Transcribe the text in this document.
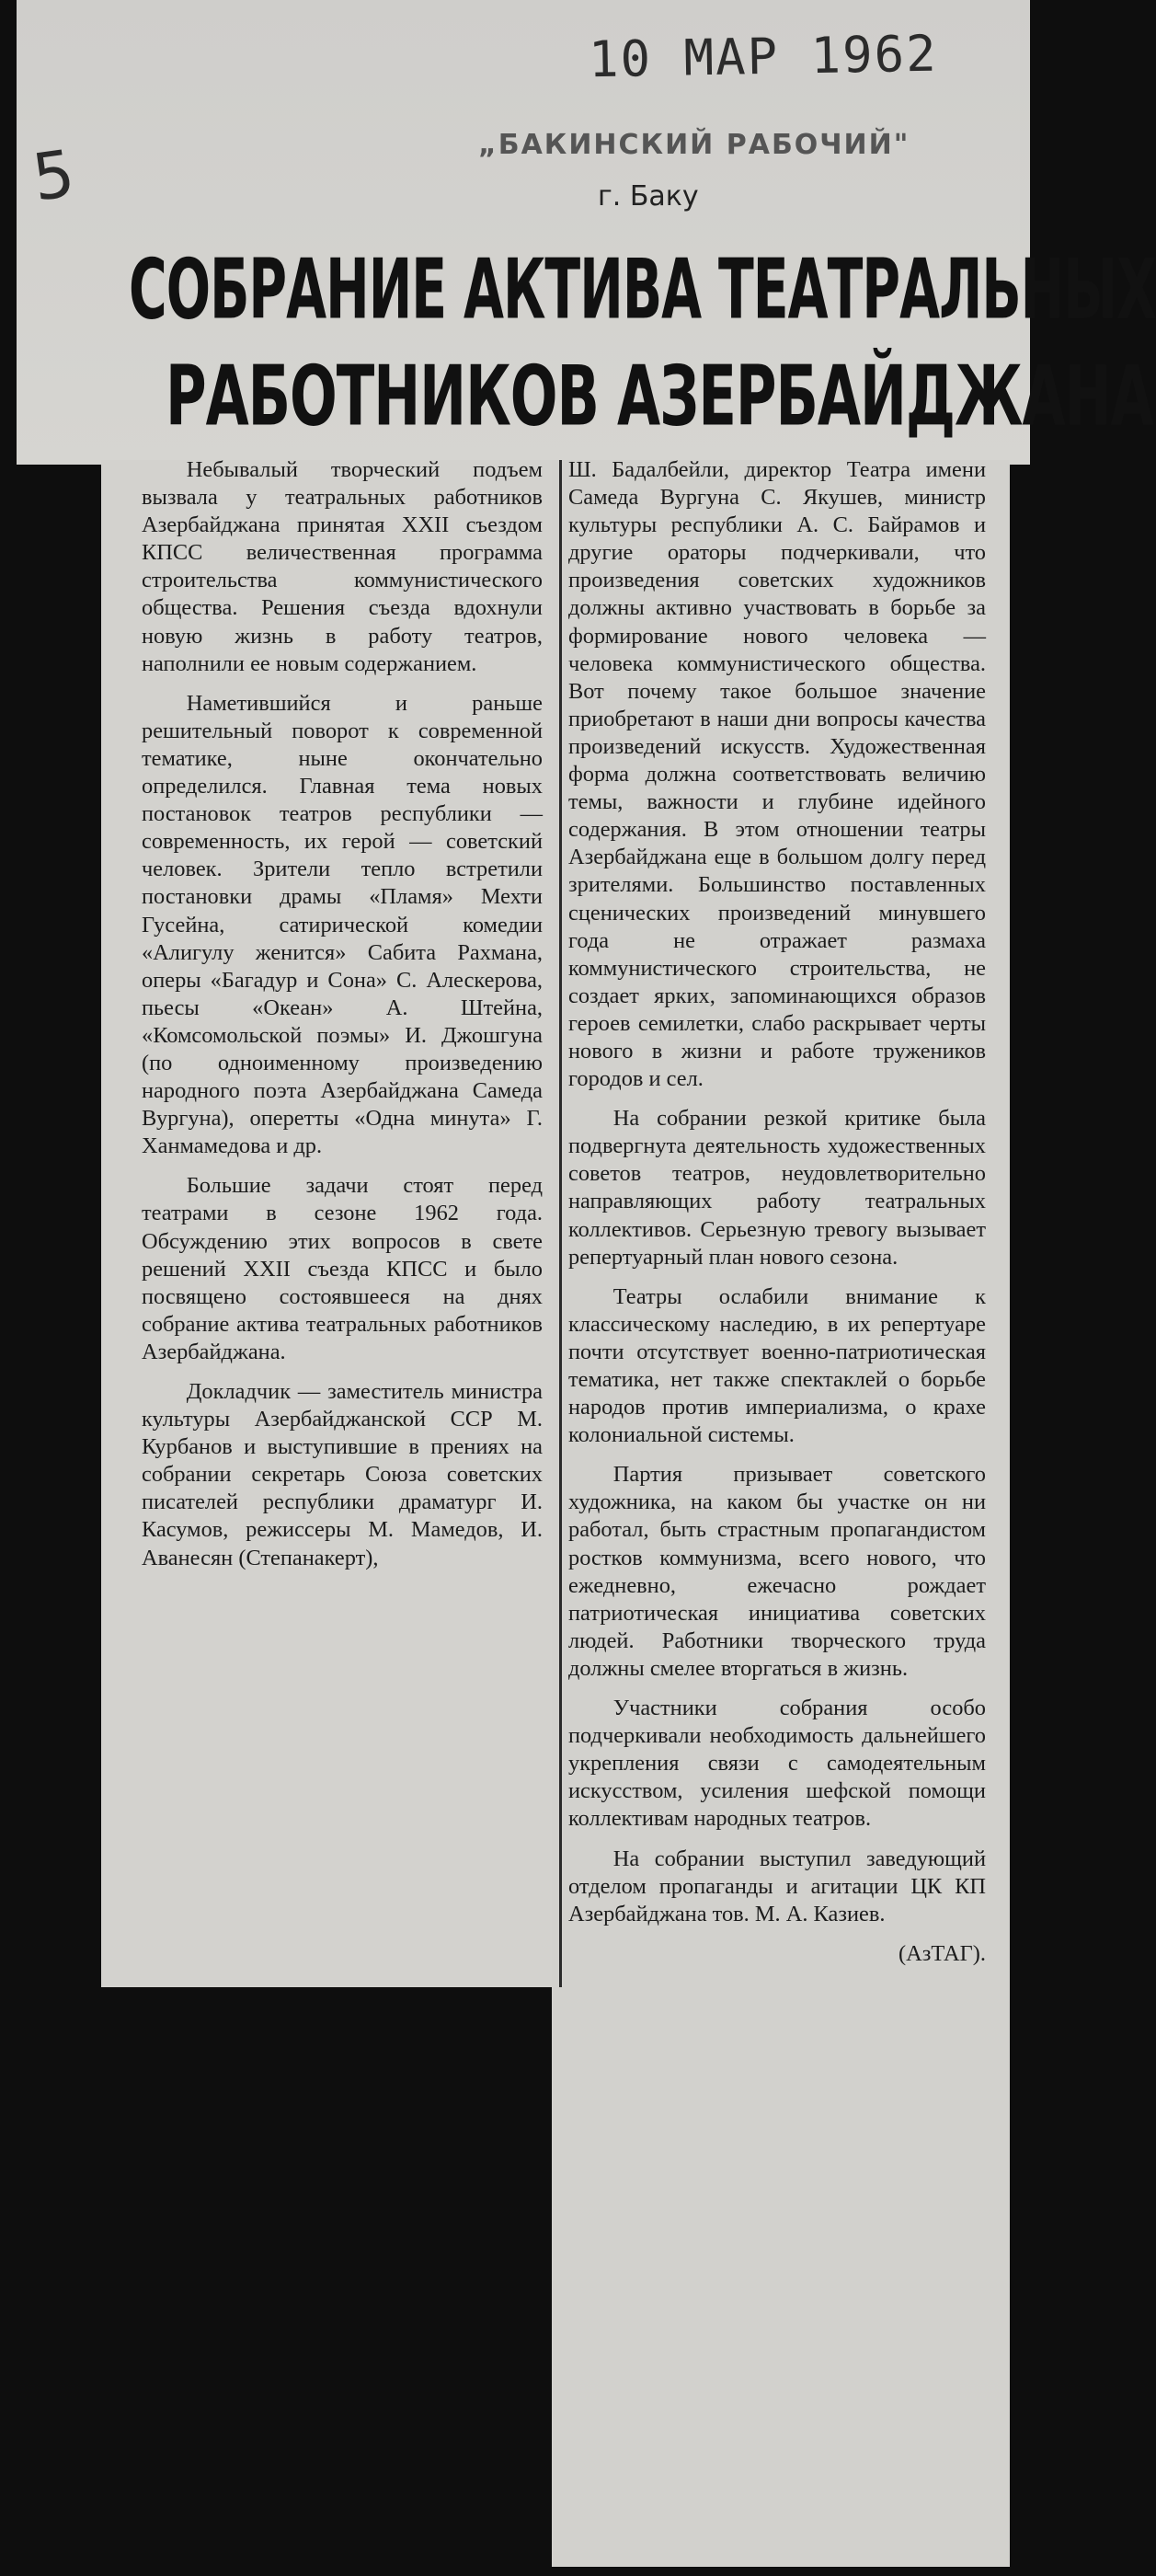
10 МАР 1962
5	„БАКИНСКИЙ РАБОЧИЙ"
г. Баку
СОБРАНИЕ АКТИВА ТЕАТРАЛЬНЫХ
РАБОТНИКОВ АЗЕРБАЙДЖАНА

Небывалый творческий подъем вызвала у театральных работников Азербайджана принятая XXII съездом КПСС величественная программа строительства коммунистического общества. Решения съезда вдохнули новую жизнь в работу театров, наполнили ее новым содержанием.

Наметившийся и раньше решительный поворот к современной тематике, ныне окончательно определился. Главная тема новых постановок театров республики — современность, их герой — советский человек. Зрители тепло встретили постановки драмы «Пламя» Мехти Гусейна, сатирической комедии «Алигулу женится» Сабита Рахмана, оперы «Багадур и Сона» С. Алескерова, пьесы «Океан» А. Штейна, «Комсомольской поэмы» И. Джошгуна (по одноименному произведению народного поэта Азербайджана Самеда Вургуна), оперетты «Одна минута» Г. Ханмамедова и др.

Большие задачи стоят перед театрами в сезоне 1962 года. Обсуждению этих вопросов в свете решений XXII съезда КПСС и было посвящено состоявшееся на днях собрание актива театральных работников Азербайджана.

Докладчик — заместитель министра культуры Азербайджанской ССР М. Курбанов и выступившие в прениях на собрании секретарь Союза советских писателей республики драматург И. Касумов, режиссеры М. Мамедов, И. Аванесян (Степанакерт),

Ш. Бадалбейли, директор Театра имени Самеда Вургуна С. Якушев, министр культуры республики А. С. Байрамов и другие ораторы подчеркивали, что произведения советских художников должны активно участвовать в борьбе за формирование нового человека — человека коммунистического общества. Вот почему такое большое значение приобретают в наши дни вопросы качества произведений искусств. Художественная форма должна соответствовать величию темы, важности и глубине идейного содержания. В этом отношении театры Азербайджана еще в большом долгу перед зрителями. Большинство поставленных сценических произведений минувшего года не отражает размаха коммунистического строительства, не создает ярких, запоминающихся образов героев семилетки, слабо раскрывает черты нового в жизни и работе тружеников городов и сел.

На собрании резкой критике была подвергнута деятельность художественных советов театров, неудовлетворительно направляющих работу театральных коллективов. Серьезную тревогу вызывает репертуарный план нового сезона.

Театры ослабили внимание к классическому наследию, в их репертуаре почти отсутствует военно-патриотическая тематика, нет также спектаклей о борьбе народов против империализма, о крахе колониальной системы.

Партия призывает советского художника, на каком бы участке он ни работал, быть страстным пропагандистом ростков коммунизма, всего нового, что ежедневно, ежечасно рождает патриотическая инициатива советских людей. Работники творческого труда должны смелее вторгаться в жизнь.

Участники собрания особо подчеркивали необходимость дальнейшего укрепления связи с самодеятельным искусством, усиления шефской помощи коллективам народных театров.

На собрании выступил заведующий отделом пропаганды и агитации ЦК КП Азербайджана тов. М. А. Казиев.

(АзТАГ).
